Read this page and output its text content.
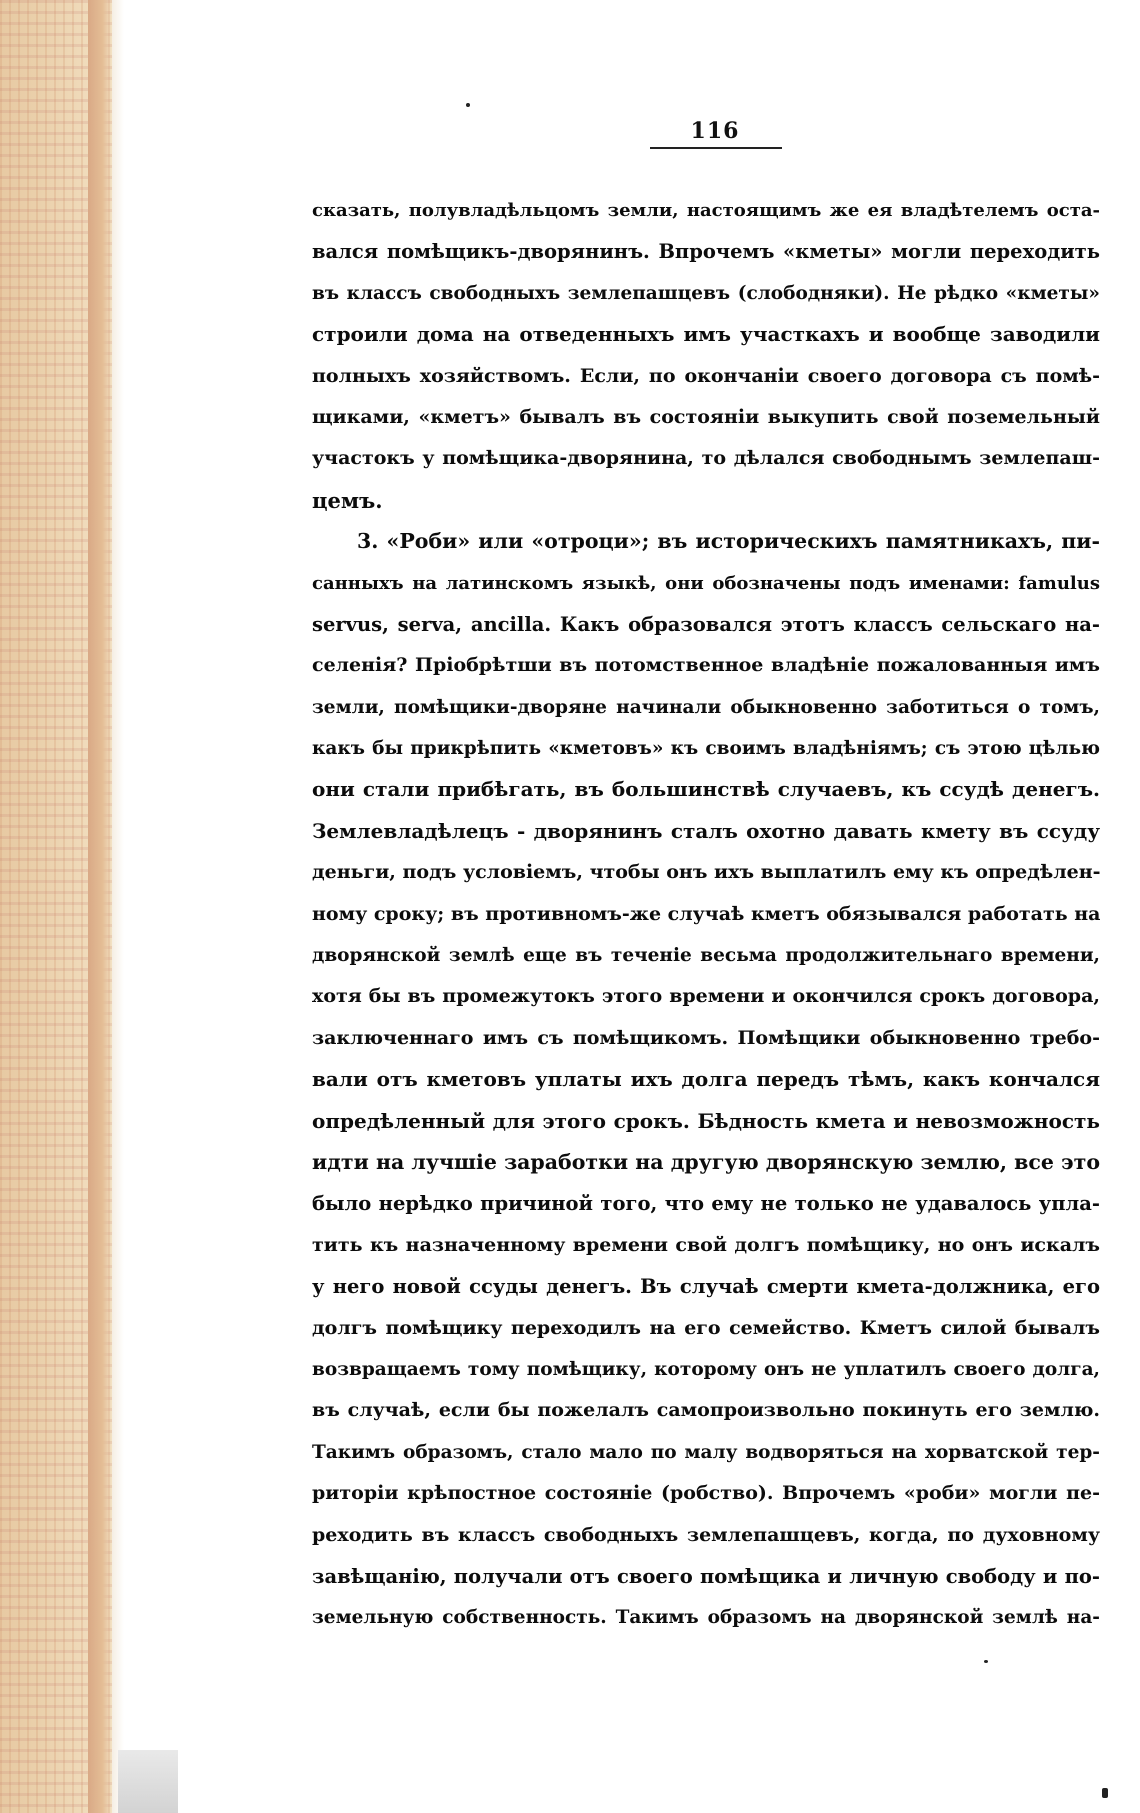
116
сказать, полувладѣльцомъ земли, настоящимъ же ея владѣтелемъ оста-
вался помѣщикъ-дворянинъ. Впрочемъ «кметы» могли переходить
въ классъ свободныхъ землепашцевъ (слободняки). Не рѣдко «кметы»
строили дома на отведенныхъ имъ участкахъ и вообще заводили
полныхъ хозяйствомъ. Если, по окончаніи своего договора съ помѣ-
щиками, «кметъ» бывалъ въ состояніи выкупить свой поземельный
участокъ у помѣщика-дворянина, то дѣлался свободнымъ землепаш-
цемъ.
3. «Роби» или «отроци»; въ историческихъ памятникахъ, пи-
санныхъ на латинскомъ языкѣ, они обозначены подъ именами: famulus
servus, serva, ancilla. Какъ образовался этотъ классъ сельскаго на-
селенія? Пріобрѣтши въ потомственное владѣніе пожалованныя имъ
земли, помѣщики-дворяне начинали обыкновенно заботиться о томъ,
какъ бы прикрѣпить «кметовъ» къ своимъ владѣніямъ; съ этою цѣлью
они стали прибѣгать, въ большинствѣ случаевъ, къ ссудѣ денегъ.
Землевладѣлецъ - дворянинъ сталъ охотно давать кмету въ ссуду
деньги, подъ условіемъ, чтобы онъ ихъ выплатилъ ему къ опредѣлен-
ному сроку; въ противномъ-же случаѣ кметъ обязывался работать на
дворянской землѣ еще въ теченіе весьма продолжительнаго времени,
хотя бы въ промежутокъ этого времени и окончился срокъ договора,
заключеннаго имъ съ помѣщикомъ. Помѣщики обыкновенно требо-
вали отъ кметовъ уплаты ихъ долга передъ тѣмъ, какъ кончался
опредѣленный для этого срокъ. Бѣдность кмета и невозможность
идти на лучшіе заработки на другую дворянскую землю, все это
было нерѣдко причиной того, что ему не только не удавалось упла-
тить къ назначенному времени свой долгъ помѣщику, но онъ искалъ
у него новой ссуды денегъ. Въ случаѣ смерти кмета-должника, его
долгъ помѣщику переходилъ на его семейство. Кметъ силой бывалъ
возвращаемъ тому помѣщику, которому онъ не уплатилъ своего долга,
въ случаѣ, если бы пожелалъ самопроизвольно покинуть его землю.
Такимъ образомъ, стало мало по малу водворяться на хорватской тер-
риторіи крѣпостное состояніе (робство). Впрочемъ «роби» могли пе-
реходить въ классъ свободныхъ землепашцевъ, когда, по духовному
завѣщанію, получали отъ своего помѣщика и личную свободу и по-
земельную собственность. Такимъ образомъ на дворянской землѣ на-
